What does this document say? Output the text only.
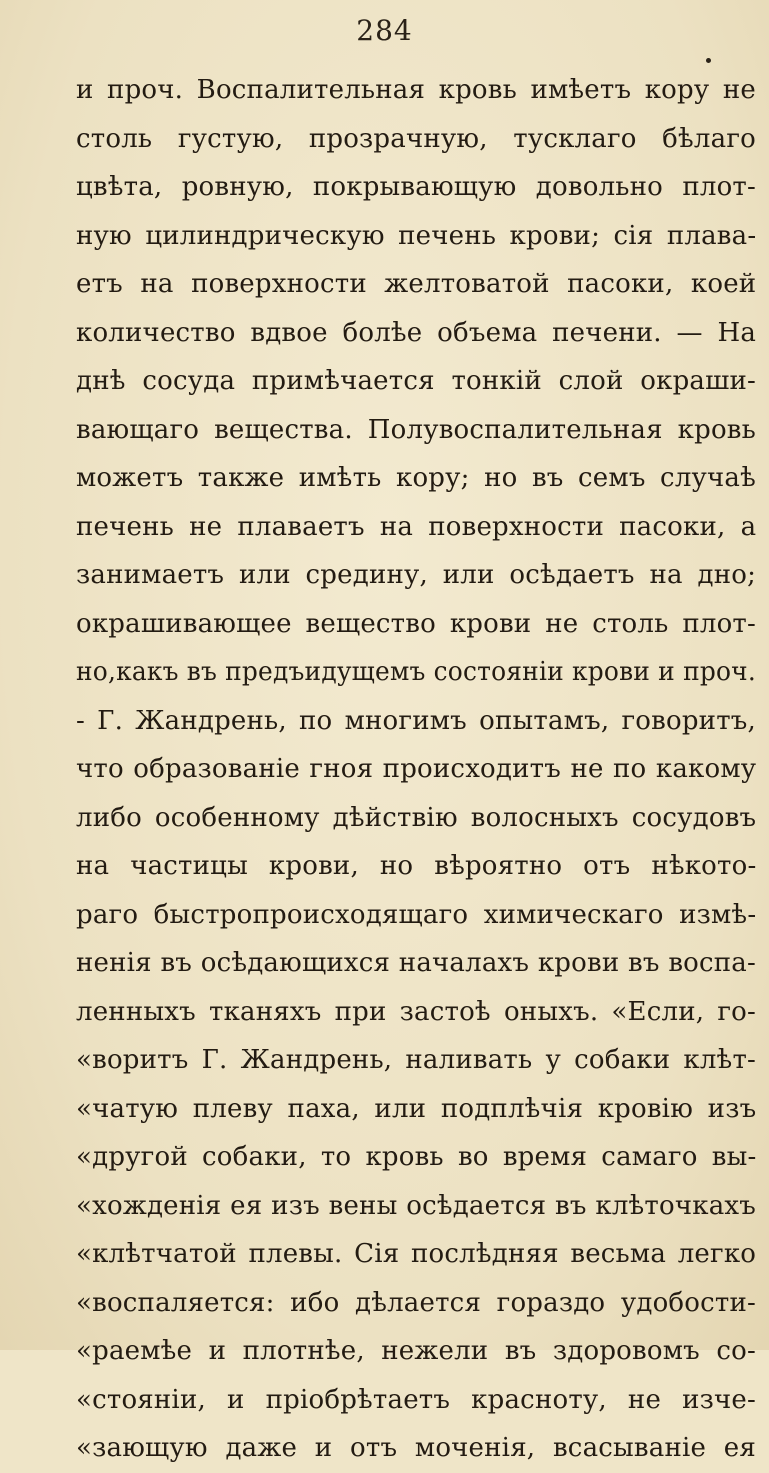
284
и проч. Воспалительная кровь имѣетъ кору не
столь густую, прозрачную, тусклаго бѣлаго
цвѣта, ровную, покрывающую довольно плот-
ную цилиндрическую печень крови; сія плава-
етъ на поверхности желтоватой пасоки, коей
количество вдвое болѣе объема печени. — На
днѣ сосуда примѣчается тонкій слой окраши-
вающаго вещества. Полувоспалительная кровь
можетъ также имѣть кору; но въ семъ случаѣ
печень не плаваетъ на поверхности пасоки, а
занимаетъ или средину, или осѣдаетъ на дно;
окрашивающее вещество крови не столь плот-
но,какъ въ предъидущемъ состояніи крови и проч.
- Г. Жандрень, по многимъ опытамъ, говоритъ,
что образованіе гноя происходитъ не по какому
либо особенному дѣйствію волосныхъ сосудовъ
на частицы крови, но вѣроятно отъ нѣкото-
раго быстропроисходящаго химическаго измѣ-
ненія въ осѣдающихся началахъ крови въ воспа-
ленныхъ тканяхъ при застоѣ оныхъ. «Если, го-
«воритъ Г. Жандрень, наливать у собаки клѣт-
«чатую плеву паха, или подплѣчія кровію изъ
«другой собаки, то кровь во время самаго вы-
«хожденія ея изъ вены осѣдается въ клѣточкахъ
«клѣтчатой плевы. Сія послѣдняя весьма легко
«воспаляется: ибо дѣлается гораздо удобости-
«раемѣе и плотнѣе, нежели въ здоровомъ со-
«стояніи, и пріобрѣтаетъ красноту, не изче-
«зающую даже и отъ моченія, всасываніе ея
